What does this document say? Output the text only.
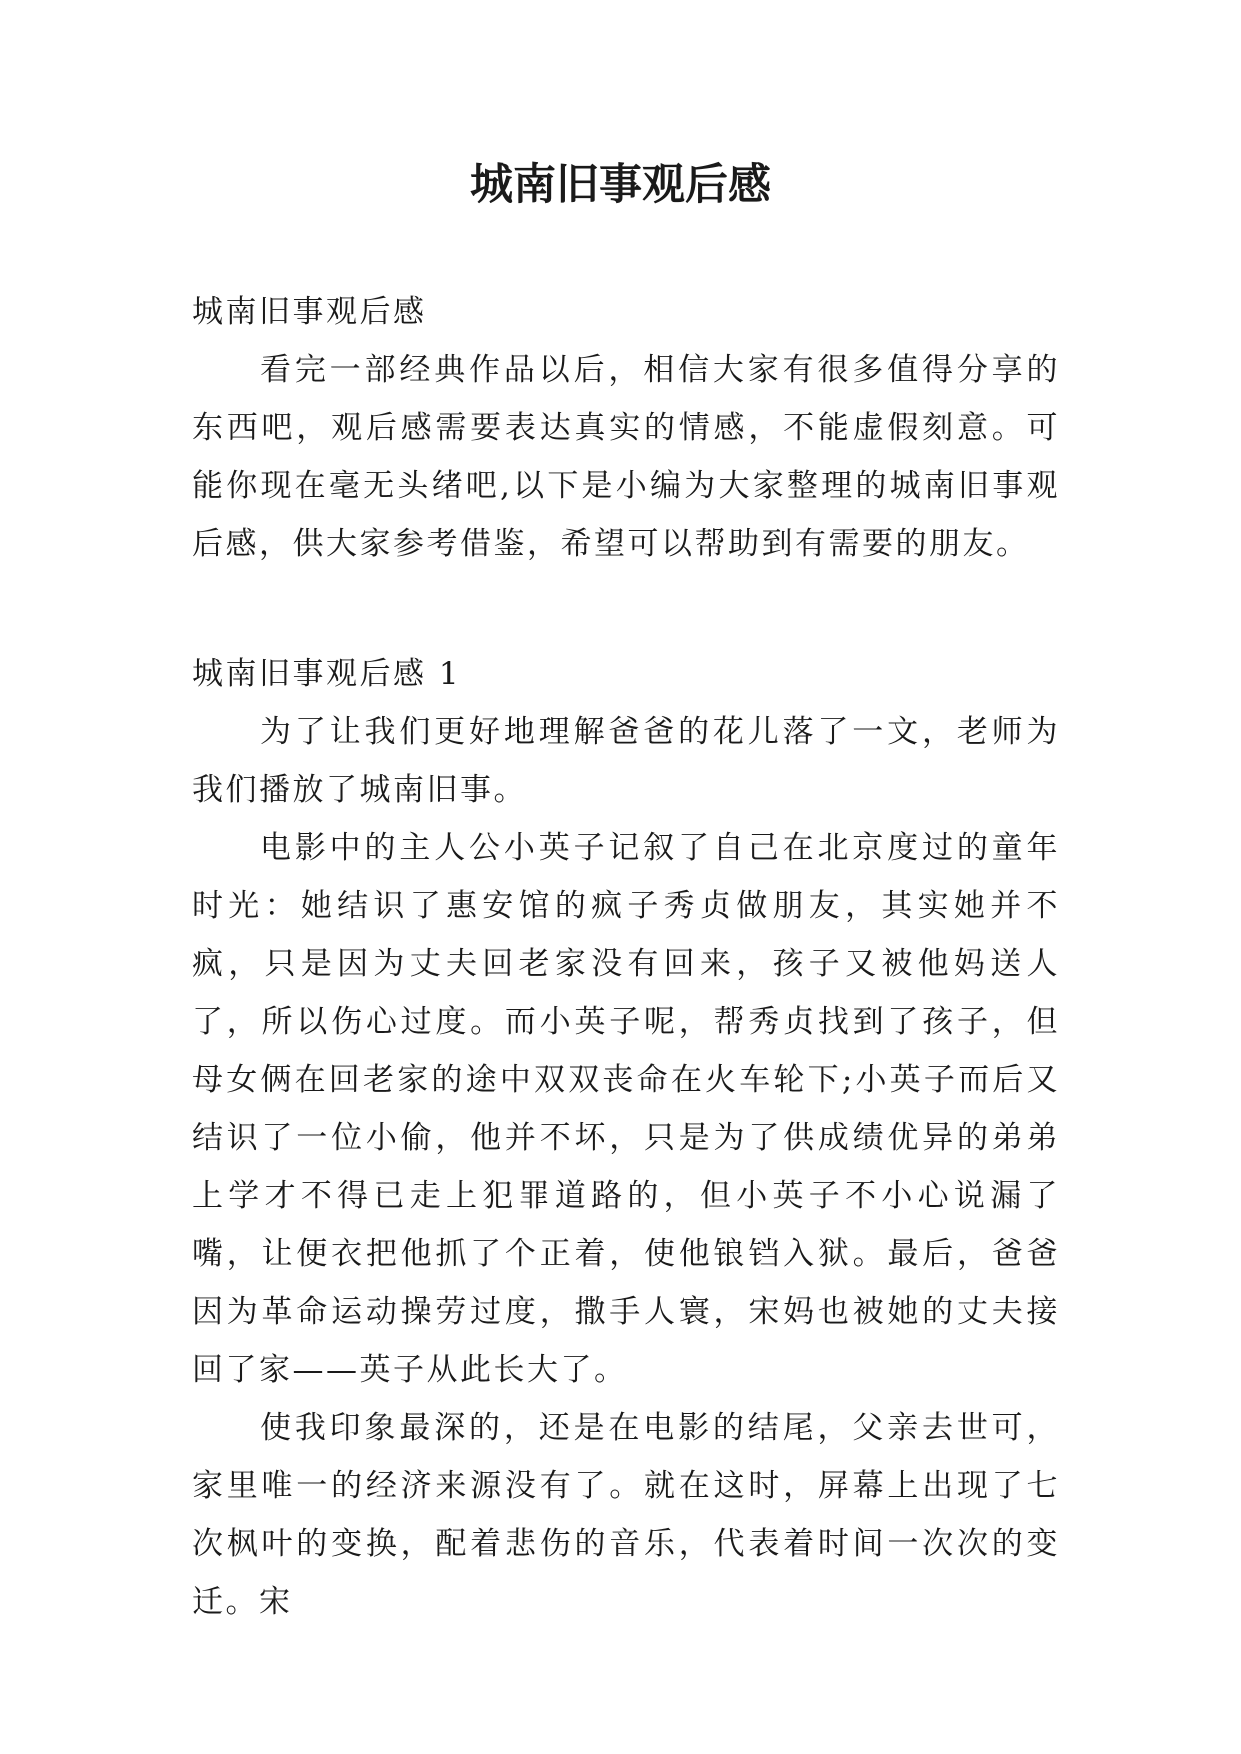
城南旧事观后感
城南旧事观后感

看完一部经典作品以后，相信大家有很多值得分享的东西吧，观后感需要表达真实的情感，不能虚假刻意。可能你现在毫无头绪吧,以下是小编为大家整理的城南旧事观后感，供大家参考借鉴，希望可以帮助到有需要的朋友。

城南旧事观后感 1

为了让我们更好地理解爸爸的花儿落了一文，老师为我们播放了城南旧事。

电影中的主人公小英子记叙了自己在北京度过的童年时光：她结识了惠安馆的疯子秀贞做朋友，其实她并不疯，只是因为丈夫回老家没有回来，孩子又被他妈送人了，所以伤心过度。而小英子呢，帮秀贞找到了孩子，但母女俩在回老家的途中双双丧命在火车轮下;小英子而后又结识了一位小偷，他并不坏，只是为了供成绩优异的弟弟上学才不得已走上犯罪道路的，但小英子不小心说漏了嘴，让便衣把他抓了个正着，使他锒铛入狱。最后，爸爸因为革命运动操劳过度，撒手人寰，宋妈也被她的丈夫接回了家——英子从此长大了。

使我印象最深的，还是在电影的结尾，父亲去世可，家里唯一的经济来源没有了。就在这时，屏幕上出现了七次枫叶的变换，配着悲伤的音乐，代表着时间一次次的变迁。宋
